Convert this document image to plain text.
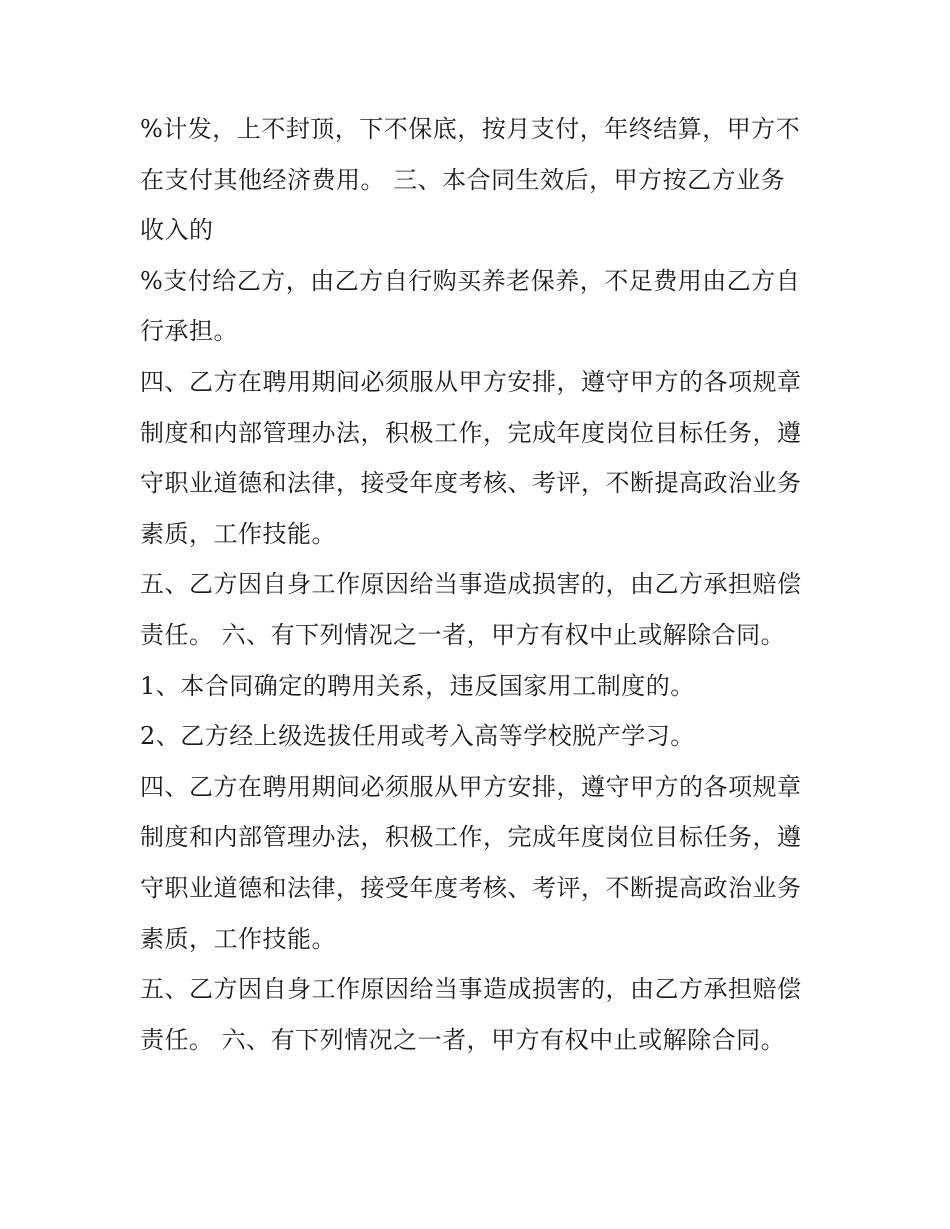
%计发，上不封顶，下不保底，按月支付，年终结算，甲方不
在支付其他经济费用。 三、本合同生效后，甲方按乙方业务
收入的
%支付给乙方，由乙方自行购买养老保养，不足费用由乙方自
行承担。
四、乙方在聘用期间必须服从甲方安排，遵守甲方的各项规章
制度和内部管理办法，积极工作，完成年度岗位目标任务，遵
守职业道德和法律，接受年度考核、考评，不断提高政治业务
素质，工作技能。
五、乙方因自身工作原因给当事造成损害的，由乙方承担赔偿
责任。 六、有下列情况之一者，甲方有权中止或解除合同。
1、本合同确定的聘用关系，违反国家用工制度的。
2、乙方经上级选拔任用或考入高等学校脱产学习。
四、乙方在聘用期间必须服从甲方安排，遵守甲方的各项规章
制度和内部管理办法，积极工作，完成年度岗位目标任务，遵
守职业道德和法律，接受年度考核、考评，不断提高政治业务
素质，工作技能。
五、乙方因自身工作原因给当事造成损害的，由乙方承担赔偿
责任。 六、有下列情况之一者，甲方有权中止或解除合同。
